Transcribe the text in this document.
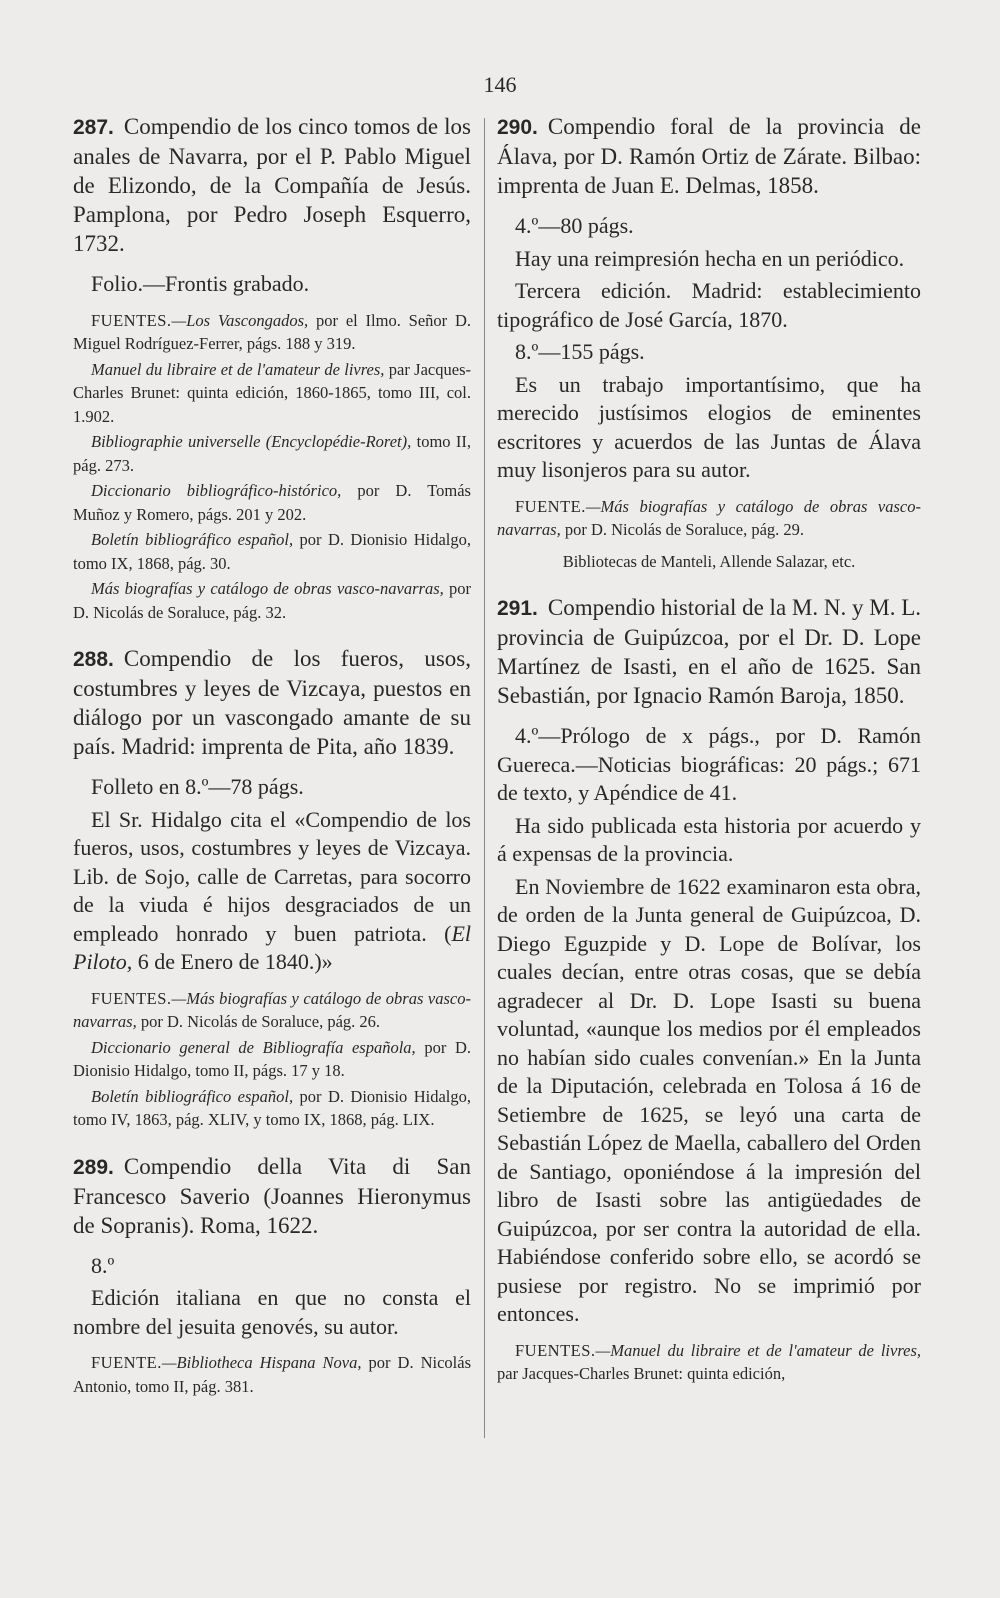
146

287. Compendio de los cinco tomos de los anales de Navarra, por el P. Pablo Miguel de Elizondo, de la Compañía de Jesús. Pamplona, por Pedro Joseph Esquerro, 1732.

Folio.—Frontis grabado.

FUENTES.—Los Vascongados, por el Ilmo. Señor D. Miguel Rodríguez-Ferrer, págs. 188 y 319.

Manuel du libraire et de l'amateur de livres, par Jacques-Charles Brunet: quinta edición, 1860-1865, tomo III, col. 1.902.

Bibliographie universelle (Encyclopédie-Roret), tomo II, pág. 273.

Diccionario bibliográfico-histórico, por D. Tomás Muñoz y Romero, págs. 201 y 202.

Boletín bibliográfico español, por D. Dionisio Hidalgo, tomo IX, 1868, pág. 30.

Más biografías y catálogo de obras vasco-navarras, por D. Nicolás de Soraluce, pág. 32.

288. Compendio de los fueros, usos, costumbres y leyes de Vizcaya, puestos en diálogo por un vascongado amante de su país. Madrid: imprenta de Pita, año 1839.

Folleto en 8.º—78 págs.

El Sr. Hidalgo cita el «Compendio de los fueros, usos, costumbres y leyes de Vizcaya. Lib. de Sojo, calle de Carretas, para socorro de la viuda é hijos desgraciados de un empleado honrado y buen patriota. (El Piloto, 6 de Enero de 1840.)»

FUENTES.—Más biografías y catálogo de obras vasco-navarras, por D. Nicolás de Soraluce, pág. 26.

Diccionario general de Bibliografía española, por D. Dionisio Hidalgo, tomo II, págs. 17 y 18.

Boletín bibliográfico español, por D. Dionisio Hidalgo, tomo IV, 1863, pág. XLIV, y tomo IX, 1868, pág. LIX.

289. Compendio della Vita di San Francesco Saverio (Joannes Hieronymus de Sopranis). Roma, 1622.

8.º

Edición italiana en que no consta el nombre del jesuita genovés, su autor.

FUENTE.—Bibliotheca Hispana Nova, por D. Nicolás Antonio, tomo II, pág. 381.

290. Compendio foral de la provincia de Álava, por D. Ramón Ortiz de Zárate. Bilbao: imprenta de Juan E. Delmas, 1858.

4.º—80 págs.

Hay una reimpresión hecha en un periódico.

Tercera edición. Madrid: establecimiento tipográfico de José García, 1870.

8.º—155 págs.

Es un trabajo importantísimo, que ha merecido justísimos elogios de eminentes escritores y acuerdos de las Juntas de Álava muy lisonjeros para su autor.

FUENTE.—Más biografías y catálogo de obras vasco-navarras, por D. Nicolás de Soraluce, pág. 29.

Bibliotecas de Manteli, Allende Salazar, etc.

291. Compendio historial de la M. N. y M. L. provincia de Guipúzcoa, por el Dr. D. Lope Martínez de Isasti, en el año de 1625. San Sebastián, por Ignacio Ramón Baroja, 1850.

4.º—Prólogo de x págs., por D. Ramón Guereca.—Noticias biográficas: 20 págs.; 671 de texto, y Apéndice de 41.

Ha sido publicada esta historia por acuerdo y á expensas de la provincia.

En Noviembre de 1622 examinaron esta obra, de orden de la Junta general de Guipúzcoa, D. Diego Eguzpide y D. Lope de Bolívar, los cuales decían, entre otras cosas, que se debía agradecer al Dr. D. Lope Isasti su buena voluntad, «aunque los medios por él empleados no habían sido cuales convenían.» En la Junta de la Diputación, celebrada en Tolosa á 16 de Setiembre de 1625, se leyó una carta de Sebastián López de Maella, caballero del Orden de Santiago, oponiéndose á la impresión del libro de Isasti sobre las antigüedades de Guipúzcoa, por ser contra la autoridad de ella. Habiéndose conferido sobre ello, se acordó se pusiese por registro. No se imprimió por entonces.

FUENTES.—Manuel du libraire et de l'amateur de livres, par Jacques-Charles Brunet: quinta edición,
